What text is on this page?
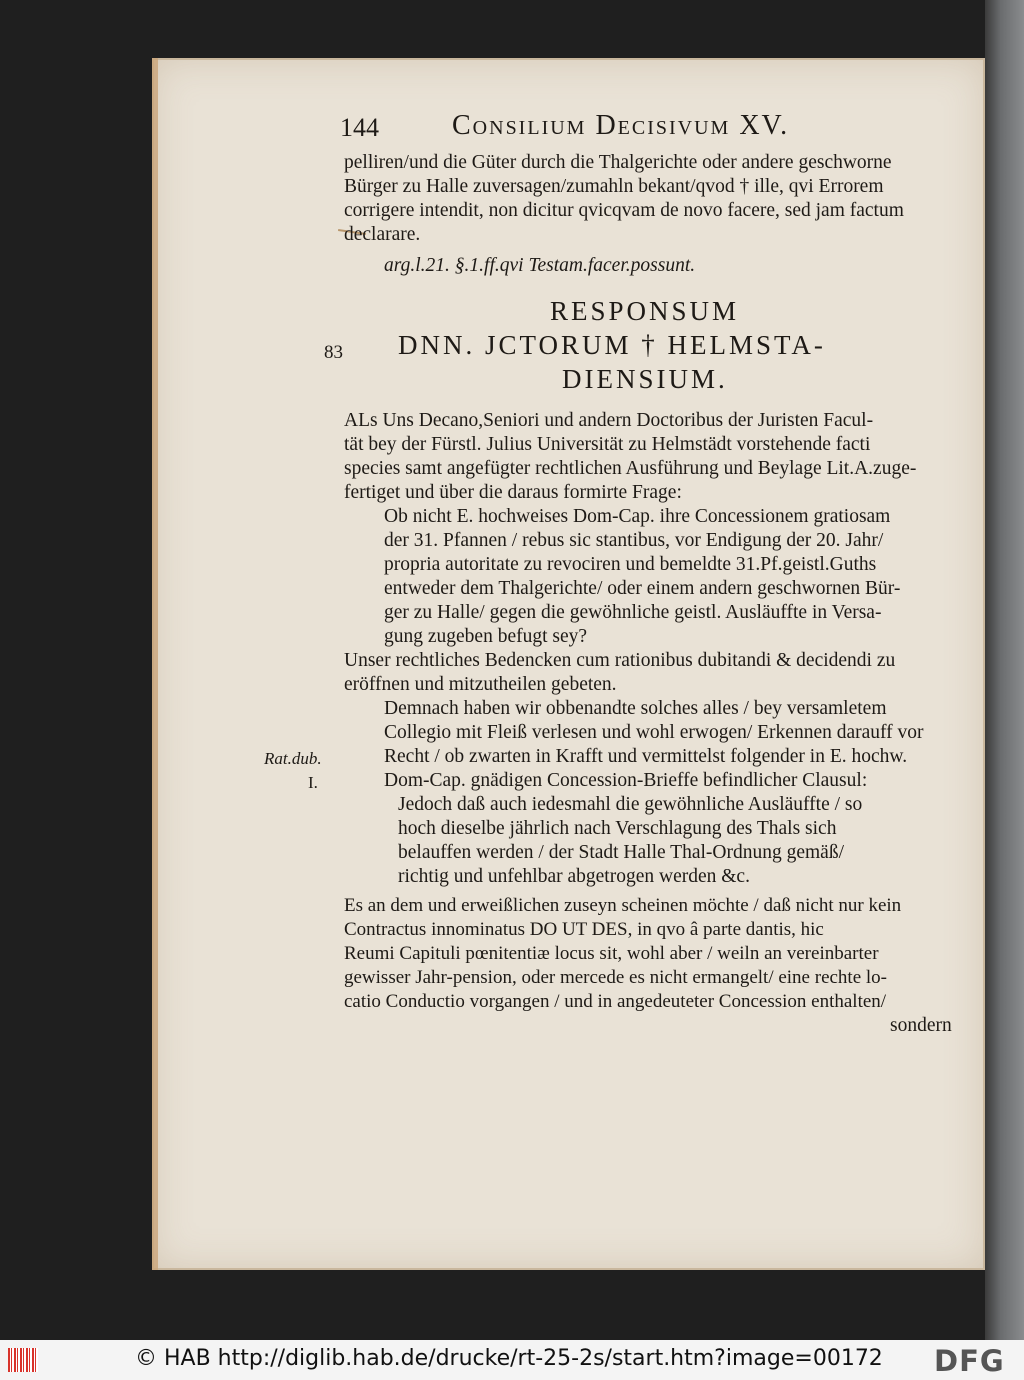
144	Consilium Decisivum XV.
pelliren/und die Güter durch die Thalgerichte oder andere geschworne
Bürger zu Halle zuversagen/zumahln bekant/qvod † ille, qvi Errorem
corrigere intendit, non dicitur qvicqvam de novo facere, sed jam factum
declarare.
arg.l.21. §.1.ff.qvi Testam.facer.possunt.
RESPONSUM
DNN. JCTORUM † HELMSTA-
DIENSIUM.
83
ALs Uns Decano,Seniori und andern Doctoribus der Juristen Facul-
tät bey der Fürstl. Julius Universität zu Helmstädt vorstehende facti
species samt angefügter rechtlichen Ausführung und Beylage Lit.A.zuge-
fertiget und über die daraus formirte Frage:
Ob nicht E. hochweises Dom-Cap. ihre Concessionem gratiosam
der 31. Pfannen / rebus sic stantibus, vor Endigung der 20. Jahr/
propria autoritate zu revociren und bemeldte 31.Pf.geistl.Guths
entweder dem Thalgerichte/ oder einem andern geschwornen Bür-
ger zu Halle/ gegen die gewöhnliche geistl. Ausläuffte in Versa-
gung zugeben befugt sey?
Unser rechtliches Bedencken cum rationibus dubitandi & decidendi zu
eröffnen und mitzutheilen gebeten.
Demnach haben wir obbenandte solches alles / bey versamletem
Collegio mit Fleiß verlesen und wohl erwogen/ Erkennen darauff vor
Recht / ob zwarten in Krafft und vermittelst folgender in E. hochw.
Dom-Cap. gnädigen Concession-Brieffe befindlicher Clausul:
Rat.dub.
I.
Jedoch daß auch iedesmahl die gewöhnliche Ausläuffte / so
hoch dieselbe jährlich nach Verschlagung des Thals sich
belauffen werden / der Stadt Halle Thal-Ordnung gemäß/
richtig und unfehlbar abgetrogen werden &c.
Es an dem und erweißlichen zuseyn scheinen möchte / daß nicht nur kein
Contractus innominatus DO UT DES, in qvo â parte dantis, hic
Reumi Capituli pœnitentiæ locus sit, wohl aber / weiln an vereinbarter
gewisser Jahr-pension, oder mercede es nicht ermangelt/ eine rechte lo-
catio Conductio vorgangen / und in angedeuteter Concession enthalten/
sondern
© HAB http://diglib.hab.de/drucke/rt-25-2s/start.htm?image=00172 DFG
